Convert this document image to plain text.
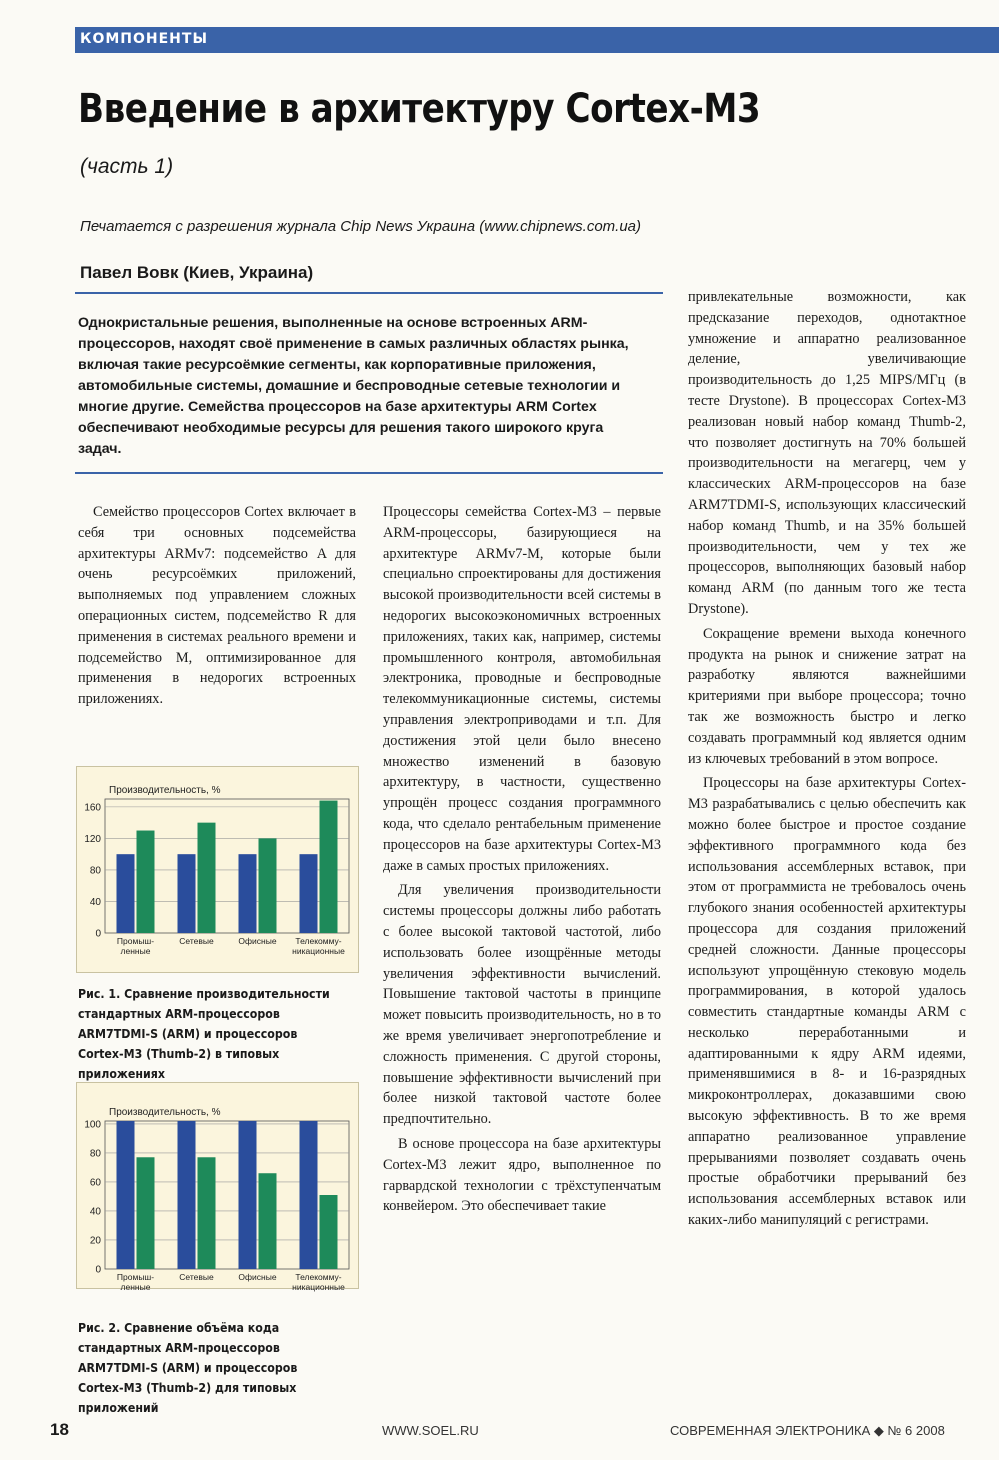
КОМПОНЕНТЫ
Введение в архитектуру Cortex-M3
(часть 1)
Печатается с разрешения журнала Chip News Украина (www.chipnews.com.ua)
Павел Вовк (Киев, Украина)
Однокристальные решения, выполненные на основе встроенных ARM-процессоров, находят своё применение в самых различных областях рынка, включая такие ресурсоёмкие сегменты, как корпоративные приложения, автомобильные системы, домашние и беспроводные сетевые технологии и многие другие. Семейства процессоров на базе архитектуры ARM Cortex обеспечивают необходимые ресурсы для решения такого широкого круга задач.

Семейство процессоров Cortex включает в себя три основных подсемейства архитектуры ARMv7: подсемейство A для очень ресурсоёмких приложений, выполняемых под управлением сложных операционных систем, подсемейство R для применения в системах реального времени и подсемейство M, оптимизированное для применения в недорогих встроенных приложениях.

Производительность, %
0
40
80
120
160
Промыш-
ленные
Сетевые	Офисные Телекомму-
никационные
Рис. 1. Сравнение производительности стандартных ARM-процессоров ARM7TDMI-S (ARM) и процессоров Cortex-M3 (Thumb-2) в типовых приложениях
Производительность, %
0
20
40
60
80
100
Промыш-
ленные
Сетевые	Офисные Телекомму-
никационные
Рис. 2. Сравнение объёма кода стандартных ARM-процессоров ARM7TDMI-S (ARM) и процессоров Cortex-M3 (Thumb-2) для типовых приложений

Процессоры семейства Cortex-M3 – первые ARM-процессоры, базирующиеся на архитектуре ARMv7-M, которые были специально спроектированы для достижения высокой производительности всей системы в недорогих высокоэкономичных встроенных приложениях, таких как, например, системы промышленного контроля, автомобильная электроника, проводные и беспроводные телекоммуникационные системы, системы управления электроприводами и т.п. Для достижения этой цели было внесено множество изменений в базовую архитектуру, в частности, существенно упрощён процесс создания программного кода, что сделало рентабельным применение процессоров на базе архитектуры Cortex-M3 даже в самых простых приложениях.

Для увеличения производительности системы процессоры должны либо работать с более высокой тактовой частотой, либо использовать более изощрённые методы увеличения эффективности вычислений. Повышение тактовой частоты в принципе может повысить производительность, но в то же время увеличивает энергопотребление и сложность применения. С другой стороны, повышение эффективности вычислений при более низкой тактовой частоте более предпочтительно.

В основе процессора на базе архитектуры Cortex-M3 лежит ядро, выполненное по гарвардской технологии с трёхступенчатым конвейером. Это обеспечивает такие

привлекательные возможности, как предсказание переходов, однотактное умножение и аппаратно реализованное деление, увеличивающие производительность до 1,25 MIPS/МГц (в тесте Drystone). В процессорах Cortex-M3 реализован новый набор команд Thumb-2, что позволяет достигнуть на 70% большей производительности на мегагерц, чем у классических ARM-процессоров на базе ARM7TDMI-S, использующих классический набор команд Thumb, и на 35% большей производительности, чем у тех же процессоров, выполняющих базовый набор команд ARM (по данным того же теста Drystone).

Сокращение времени выхода конечного продукта на рынок и снижение затрат на разработку являются важнейшими критериями при выборе процессора; точно так же возможность быстро и легко создавать программный код является одним из ключевых требований в этом вопросе.

Процессоры на базе архитектуры Cortex-M3 разрабатывались с целью обеспечить как можно более быстрое и простое создание эффективного программного кода без использования ассемблерных вставок, при этом от программиста не требовалось очень глубокого знания особенностей архитектуры процессора для создания приложений средней сложности. Данные процессоры используют упрощённую стековую модель программирования, в которой удалось совместить стандартные команды ARM с несколько переработанными и адаптированными к ядру ARM идеями, применявшимися в 8- и 16-разрядных микроконтроллерах, доказавшими свою высокую эффективность. В то же время аппаратно реализованное управление прерываниями позволяет создавать очень простые обработчики прерываний без использования ассемблерных вставок или каких-либо манипуляций с регистрами.

18	WWW.SOEL.RU	СОВРЕМЕННАЯ ЭЛЕКТРОНИКА ◆ № 6 2008
